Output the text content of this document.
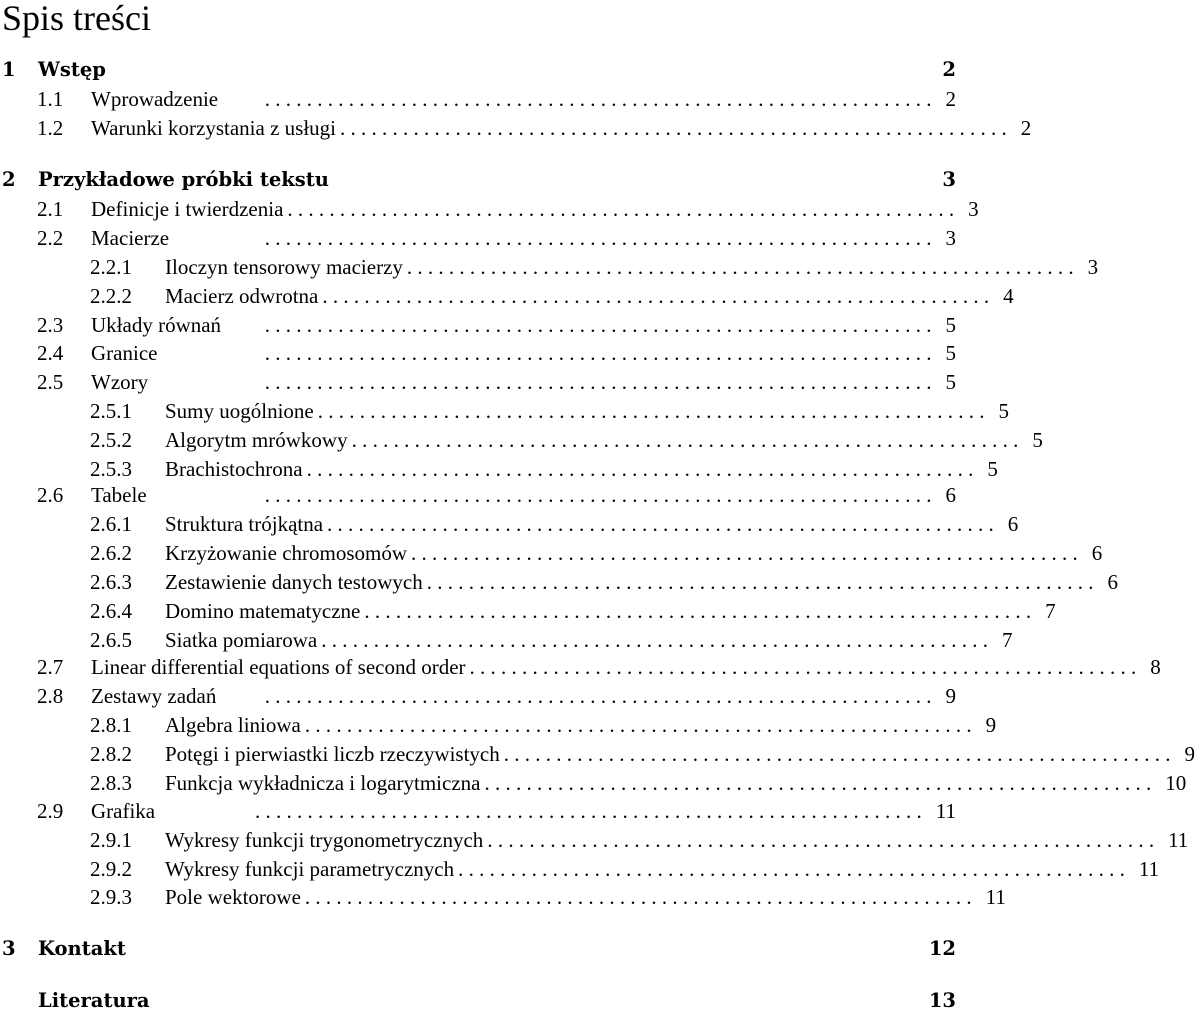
Spis treści
1	Wstęp	2
1.1	Wprowadzenie	. . . . . . . . . . . . . . . . . . . . . . . . . . . . . . . . . . . . . . . . . . . . . . . . . . . . . . . . . . . . . . . . 2
1.2	Warunki korzystania z usługi . . . . . . . . . . . . . . . . . . . . . . . . . . . . . . . . . . . . . . . . . . . . . . . . . . . . . . . . . . . . . . . . 2
2	Przykładowe próbki tekstu	3
2.1	Definicje i twierdzenia . . . . . . . . . . . . . . . . . . . . . . . . . . . . . . . . . . . . . . . . . . . . . . . . . . . . . . . . . . . . . . . . 3
2.2	Macierze	. . . . . . . . . . . . . . . . . . . . . . . . . . . . . . . . . . . . . . . . . . . . . . . . . . . . . . . . . . . . . . . . 3
2.2.1	Iloczyn tensorowy macierzy . . . . . . . . . . . . . . . . . . . . . . . . . . . . . . . . . . . . . . . . . . . . . . . . . . . . . . . . . . . . . . . . 3
2.2.2	Macierz odwrotna . . . . . . . . . . . . . . . . . . . . . . . . . . . . . . . . . . . . . . . . . . . . . . . . . . . . . . . . . . . . . . . . 4
2.3	Układy równań	. . . . . . . . . . . . . . . . . . . . . . . . . . . . . . . . . . . . . . . . . . . . . . . . . . . . . . . . . . . . . . . . 5
2.4	Granice	. . . . . . . . . . . . . . . . . . . . . . . . . . . . . . . . . . . . . . . . . . . . . . . . . . . . . . . . . . . . . . . . 5
2.5	Wzory	. . . . . . . . . . . . . . . . . . . . . . . . . . . . . . . . . . . . . . . . . . . . . . . . . . . . . . . . . . . . . . . . 5
2.5.1	Sumy uogólnione . . . . . . . . . . . . . . . . . . . . . . . . . . . . . . . . . . . . . . . . . . . . . . . . . . . . . . . . . . . . . . . . 5
2.5.2	Algorytm mrówkowy . . . . . . . . . . . . . . . . . . . . . . . . . . . . . . . . . . . . . . . . . . . . . . . . . . . . . . . . . . . . . . . . 5
2.5.3	Brachistochrona . . . . . . . . . . . . . . . . . . . . . . . . . . . . . . . . . . . . . . . . . . . . . . . . . . . . . . . . . . . . . . . . 5
2.6	Tabele	. . . . . . . . . . . . . . . . . . . . . . . . . . . . . . . . . . . . . . . . . . . . . . . . . . . . . . . . . . . . . . . . 6
2.6.1	Struktura trójkątna . . . . . . . . . . . . . . . . . . . . . . . . . . . . . . . . . . . . . . . . . . . . . . . . . . . . . . . . . . . . . . . . 6
2.6.2	Krzyżowanie chromosomów . . . . . . . . . . . . . . . . . . . . . . . . . . . . . . . . . . . . . . . . . . . . . . . . . . . . . . . . . . . . . . . . 6
2.6.3	Zestawienie danych testowych . . . . . . . . . . . . . . . . . . . . . . . . . . . . . . . . . . . . . . . . . . . . . . . . . . . . . . . . . . . . . . . . 6
2.6.4	Domino matematyczne . . . . . . . . . . . . . . . . . . . . . . . . . . . . . . . . . . . . . . . . . . . . . . . . . . . . . . . . . . . . . . . . 7
2.6.5	Siatka pomiarowa . . . . . . . . . . . . . . . . . . . . . . . . . . . . . . . . . . . . . . . . . . . . . . . . . . . . . . . . . . . . . . . . 7
2.7	Linear differential equations of second order . . . . . . . . . . . . . . . . . . . . . . . . . . . . . . . . . . . . . . . . . . . . . . . . . . . . . . . . . . . . . . . . 8
2.8	Zestawy zadań	. . . . . . . . . . . . . . . . . . . . . . . . . . . . . . . . . . . . . . . . . . . . . . . . . . . . . . . . . . . . . . . . 9
2.8.1	Algebra liniowa . . . . . . . . . . . . . . . . . . . . . . . . . . . . . . . . . . . . . . . . . . . . . . . . . . . . . . . . . . . . . . . . 9
2.8.2	Potęgi i pierwiastki liczb rzeczywistych . . . . . . . . . . . . . . . . . . . . . . . . . . . . . . . . . . . . . . . . . . . . . . . . . . . . . . . . . . . . . . . . 9
2.8.3	Funkcja wykładnicza i logarytmiczna . . . . . . . . . . . . . . . . . . . . . . . . . . . . . . . . . . . . . . . . . . . . . . . . . . . . . . . . . . . . . . . . 10
2.9	Grafika	. . . . . . . . . . . . . . . . . . . . . . . . . . . . . . . . . . . . . . . . . . . . . . . . . . . . . . . . . . . . . . . . 11
2.9.1	Wykresy funkcji trygonometrycznych . . . . . . . . . . . . . . . . . . . . . . . . . . . . . . . . . . . . . . . . . . . . . . . . . . . . . . . . . . . . . . . . 11
2.9.2	Wykresy funkcji parametrycznych . . . . . . . . . . . . . . . . . . . . . . . . . . . . . . . . . . . . . . . . . . . . . . . . . . . . . . . . . . . . . . . . 11
2.9.3	Pole wektorowe . . . . . . . . . . . . . . . . . . . . . . . . . . . . . . . . . . . . . . . . . . . . . . . . . . . . . . . . . . . . . . . . 11
3	Kontakt	12
Literatura	13
